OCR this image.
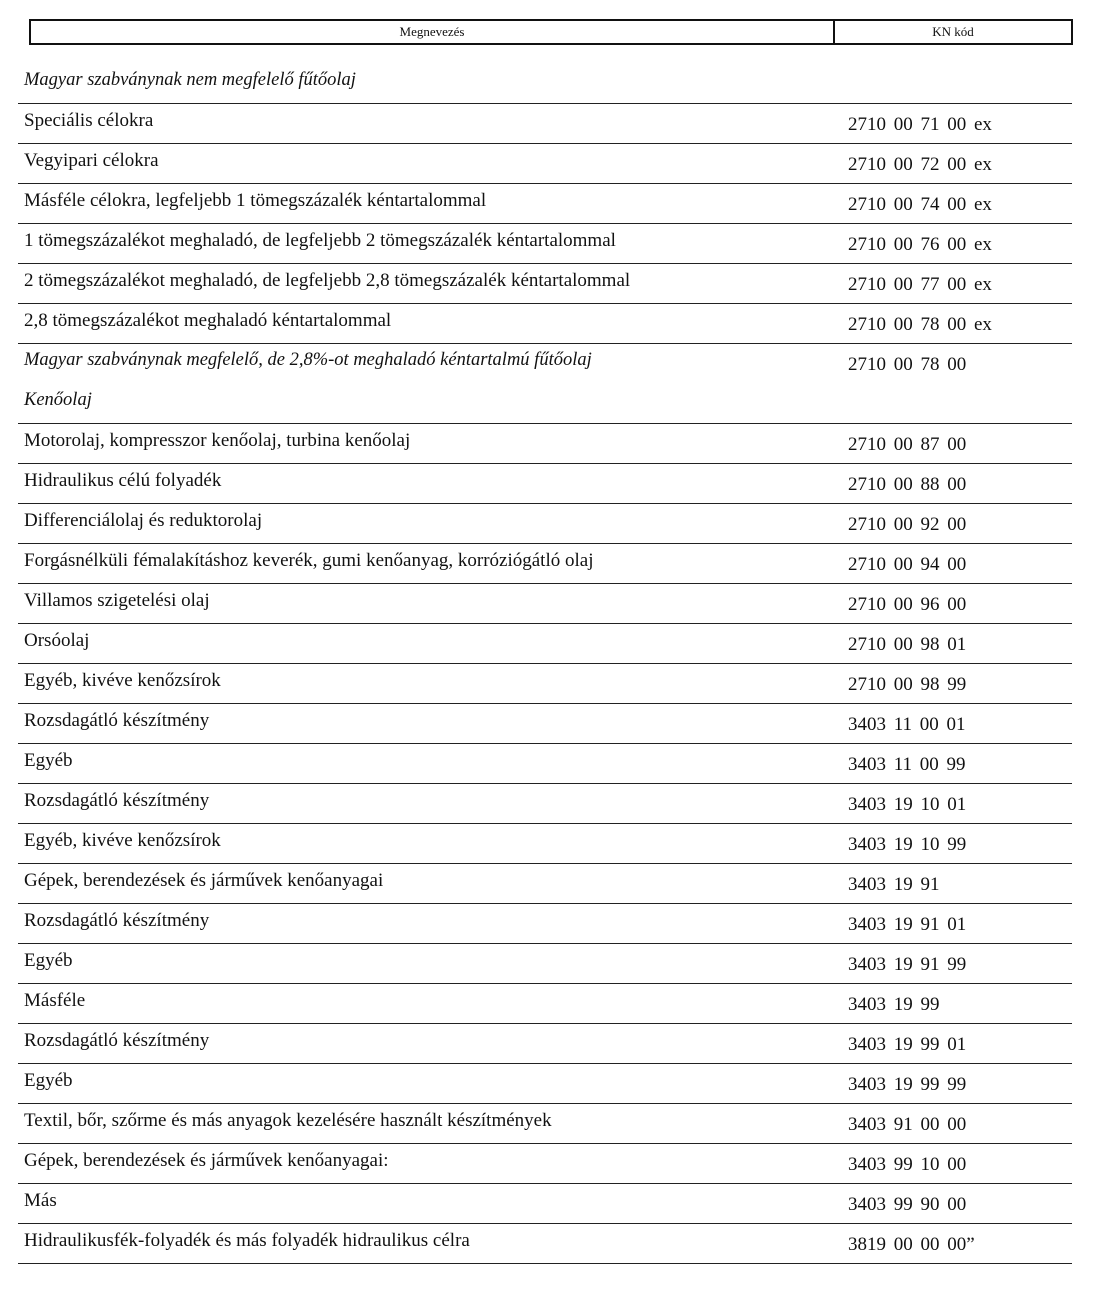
Megnevezés	KN kód
Magyar szabványnak nem megfelelő fűtőolaj
Speciális célokra	2710 00 71 00 ex
Vegyipari célokra	2710 00 72 00 ex
Másféle célokra, legfeljebb 1 tömegszázalék kéntartalommal	2710 00 74 00 ex
1 tömegszázalékot meghaladó, de legfeljebb 2 tömegszázalék kéntartalommal	2710 00 76 00 ex
2 tömegszázalékot meghaladó, de legfeljebb 2,8 tömegszázalék kéntartalommal	2710 00 77 00 ex
2,8 tömegszázalékot meghaladó kéntartalommal	2710 00 78 00 ex
Magyar szabványnak megfelelő, de 2,8%-ot meghaladó kéntartalmú fűtőolaj	2710 00 78 00
Kenőolaj
Motorolaj, kompresszor kenőolaj, turbina kenőolaj	2710 00 87 00
Hidraulikus célú folyadék	2710 00 88 00
Differenciálolaj és reduktorolaj	2710 00 92 00
Forgásnélküli fémalakításhoz keverék, gumi kenőanyag, korróziógátló olaj	2710 00 94 00
Villamos szigetelési olaj	2710 00 96 00
Orsóolaj	2710 00 98 01
Egyéb, kivéve kenőzsírok	2710 00 98 99
Rozsdagátló készítmény	3403 11 00 01
Egyéb	3403 11 00 99
Rozsdagátló készítmény	3403 19 10 01
Egyéb, kivéve kenőzsírok	3403 19 10 99
Gépek, berendezések és járművek kenőanyagai	3403 19 91
Rozsdagátló készítmény	3403 19 91 01
Egyéb	3403 19 91 99
Másféle	3403 19 99
Rozsdagátló készítmény	3403 19 99 01
Egyéb	3403 19 99 99
Textil, bőr, szőrme és más anyagok kezelésére használt készítmények	3403 91 00 00
Gépek, berendezések és járművek kenőanyagai:	3403 99 10 00
Más	3403 99 90 00
Hidraulikusfék-folyadék és más folyadék hidraulikus célra	3819 00 00 00”
